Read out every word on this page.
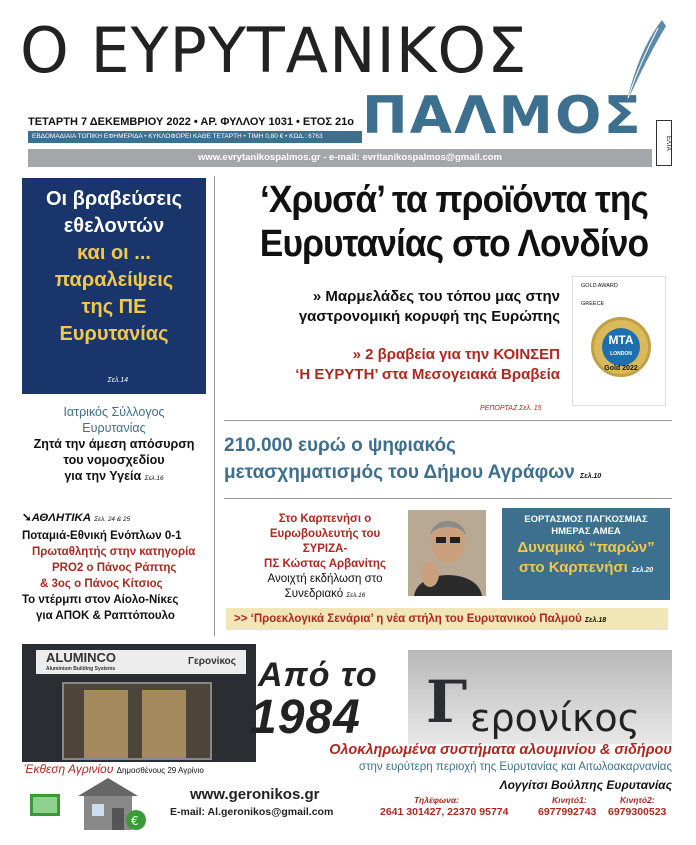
Ο ΕΥΡΥΤΑΝΙΚΟΣ
ΠΑΛΜΟΣ
ΤΕΤΑΡΤΗ 7 ΔΕΚΕΜΒΡΙΟΥ 2022 • ΑΡ. ΦΥΛΛΟΥ 1031 • ΕΤΟΣ 21ο
ΕΒΔΟΜΑΔΙΑΙΑ ΤΟΠΙΚΗ ΕΦΗΜΕΡΙΔΑ • ΚΥΚΛΟΦΟΡΕΙ ΚΑΘΕ ΤΕΤΑΡΤΗ • ΤΙΜΗ 0,80 € • ΚΩΔ.: 6763
www.evrytanikospalmos.gr - e-mail: evritanikospalmos@gmail.com
ΕΛΤΑ
Οι βραβεύσεις
εθελοντών
και οι ...
παραλείψεις
της ΠΕ
Ευρυτανίας
Σελ.14
Ιατρικός Σύλλογος
Ευρυτανίας
Ζητά την άμεση απόσυρση
του νομοσχεδίου
για την Υγεία Σελ.16
➘ΑΘΛΗΤΙΚΑ Σελ. 24 & 25
Ποταμιά-Εθνική Ενόπλων 0-1
Πρωταθλητής στην κατηγορία
PRO2 ο Πάνος Ράπτης
& 3ος ο Πάνος Κίτσιος
Το ντέρμπι στον Αίολο-Νίκες
για ΑΠΟΚ & Ραπτόπουλο
‘Χρυσά’ τα προϊόντα της
Ευρυτανίας στο Λονδίνο
» Μαρμελάδες του τόπου μας στην
γαστρονομική κορυφή της Ευρώπης
» 2 βραβεία για την ΚΟΙΝΣΕΠ
‘Η ΕΥΡΥΤΗ’ στα Μεσογειακά Βραβεία
ΡΕΠΟΡΤΑΖ Σελ. 15
GOLD AWARD
GREECE
MTA
LONDON
Gold 2022
210.000 ευρώ ο ψηφιακός
μετασχηματισμός του Δήμου Αγράφων Σελ.10
Στο Καρπενήσι ο
Ευρωβουλευτής του ΣΥΡΙΖΑ-
ΠΣ Κώστας Αρβανίτης
Ανοιχτή εκδήλωση στο
Συνεδριακό Σελ.16
ΕΟΡΤΑΣΜΟΣ ΠΑΓΚΟΣΜΙΑΣ
ΗΜΕΡΑΣ ΑΜΕΑ
Δυναμικό “παρών”
στο Καρπενήσι Σελ.20
>> ‘Προεκλογικά Σενάρια’ η νέα στήλη του Ευρυτανικού Παλμού Σελ.18
ALUMINCO	Γερονίκος
Aluminium Building Systems	Από το
1984 Γ ερονίκος
Ολοκληρωμένα συστήματα αλουμινίου & σιδήρου
στην ευρύτερη περιοχή της Ευρυτανίας και Αιτωλοακαρνανίας
Λογγίτσι Βούλπης Ευρυτανίας
Τηλέφωνα:
2641 301427, 22370 95774
Κινητό1:
6977992743
Κινητό2:
6979300523
Έκθεση Αγρινίου Δημοσθένους 29 Αγρίνιο
€
www.geronikos.gr
E-mail: Al.geronikos@gmail.com
